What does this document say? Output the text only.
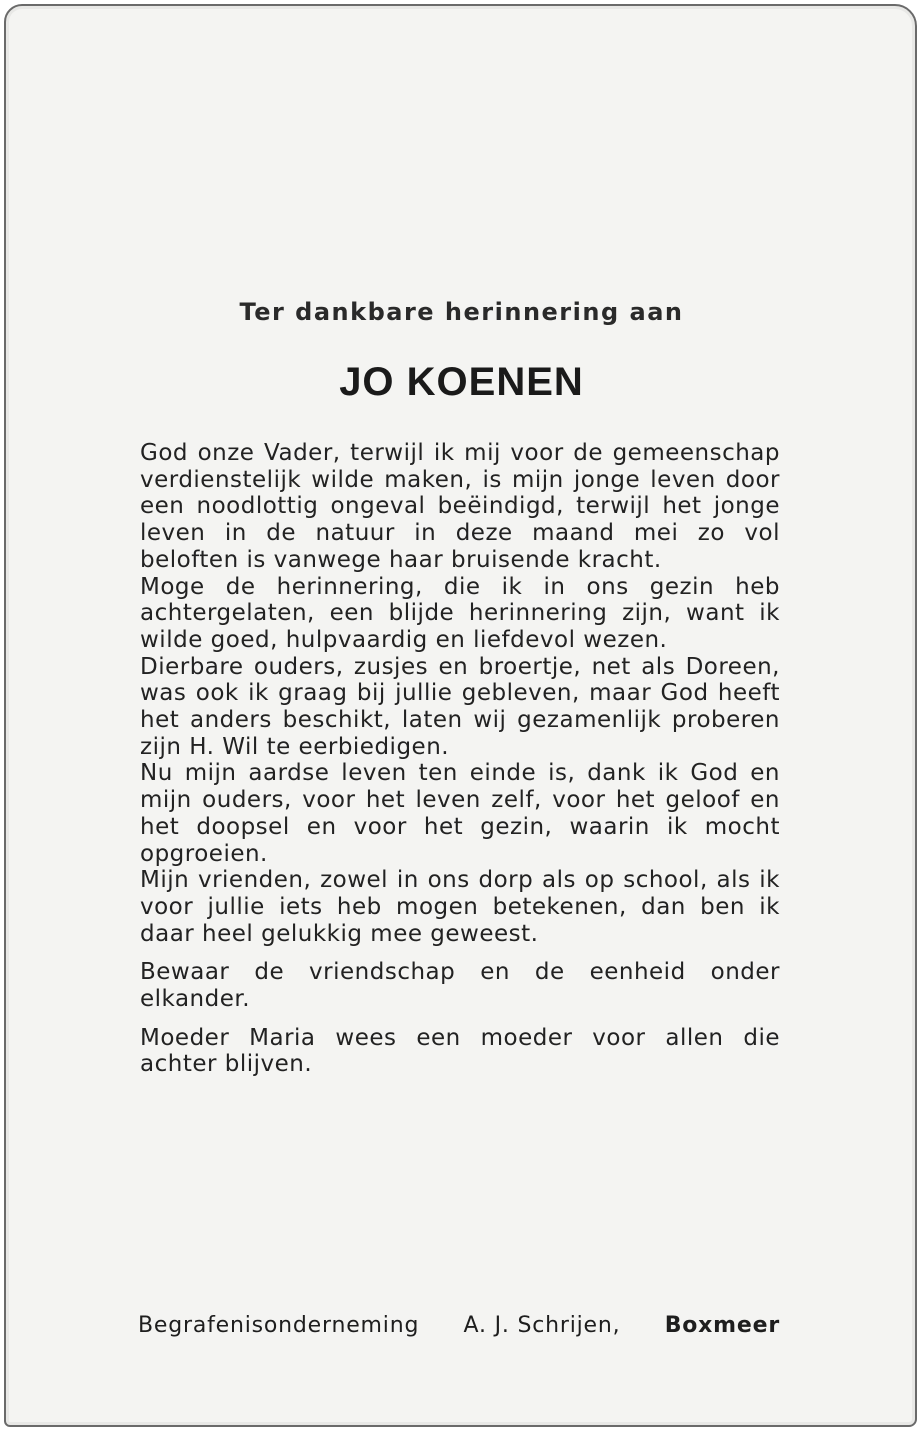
Ter dankbare herinnering aan
JO KOENEN

God onze Vader, terwijl ik mij voor de gemeenschap verdienstelijk wilde maken, is mijn jonge leven door een noodlottig ongeval beëindigd, terwijl het jonge leven in de natuur in deze maand mei zo vol beloften is vanwege haar bruisende kracht.

Moge de herinnering, die ik in ons gezin heb achtergelaten, een blijde herinnering zijn, want ik wilde goed, hulpvaardig en liefdevol wezen.

Dierbare ouders, zusjes en broertje, net als Doreen, was ook ik graag bij jullie gebleven, maar God heeft het anders beschikt, laten wij gezamenlijk proberen zijn H. Wil te eerbiedigen.

Nu mijn aardse leven ten einde is, dank ik God en mijn ouders, voor het leven zelf, voor het geloof en het doopsel en voor het gezin, waarin ik mocht opgroeien.

Mijn vrienden, zowel in ons dorp als op school, als ik voor jullie iets heb mogen betekenen, dan ben ik daar heel gelukkig mee geweest.

Bewaar de vriendschap en de eenheid onder elkander.

Moeder Maria wees een moeder voor allen die achter blijven.

Begrafenisonderneming A. J. Schrijen, Boxmeer
